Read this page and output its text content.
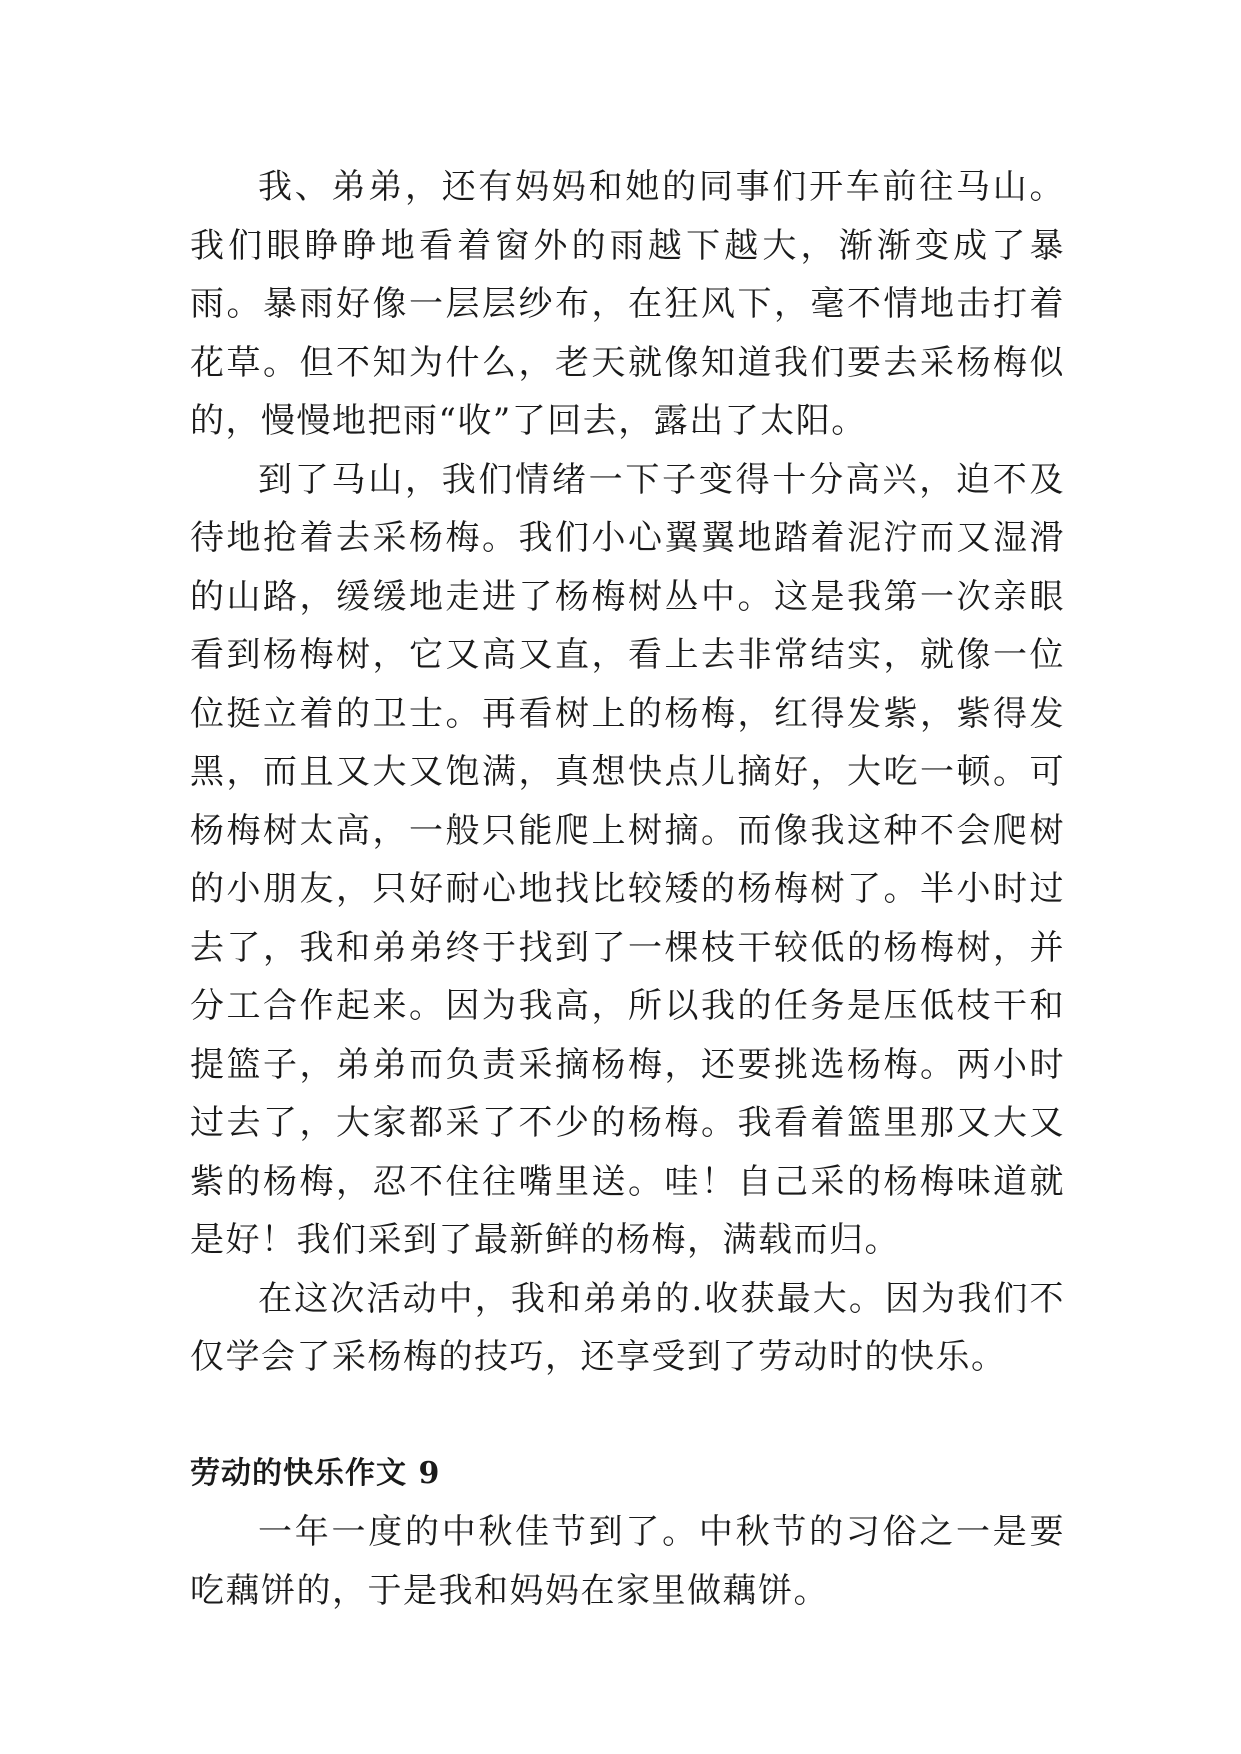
我、弟弟，还有妈妈和她的同事们开车前往马山。我们眼睁睁地看着窗外的雨越下越大，渐渐变成了暴雨。暴雨好像一层层纱布，在狂风下，毫不情地击打着花草。但不知为什么，老天就像知道我们要去采杨梅似的，慢慢地把雨“收”了回去，露出了太阳。

到了马山，我们情绪一下子变得十分高兴，迫不及待地抢着去采杨梅。我们小心翼翼地踏着泥泞而又湿滑的山路，缓缓地走进了杨梅树丛中。这是我第一次亲眼看到杨梅树，它又高又直，看上去非常结实，就像一位位挺立着的卫士。再看树上的杨梅，红得发紫，紫得发黑，而且又大又饱满，真想快点儿摘好，大吃一顿。可杨梅树太高，一般只能爬上树摘。而像我这种不会爬树的小朋友，只好耐心地找比较矮的杨梅树了。半小时过去了，我和弟弟终于找到了一棵枝干较低的杨梅树，并分工合作起来。因为我高，所以我的任务是压低枝干和提篮子，弟弟而负责采摘杨梅，还要挑选杨梅。两小时过去了，大家都采了不少的杨梅。我看着篮里那又大又紫的杨梅，忍不住往嘴里送。哇！自己采的杨梅味道就是好！我们采到了最新鲜的杨梅，满载而归。

在这次活动中，我和弟弟的.收获最大。因为我们不仅学会了采杨梅的技巧，还享受到了劳动时的快乐。

劳动的快乐作文 9

一年一度的中秋佳节到了。中秋节的习俗之一是要吃藕饼的，于是我和妈妈在家里做藕饼。
